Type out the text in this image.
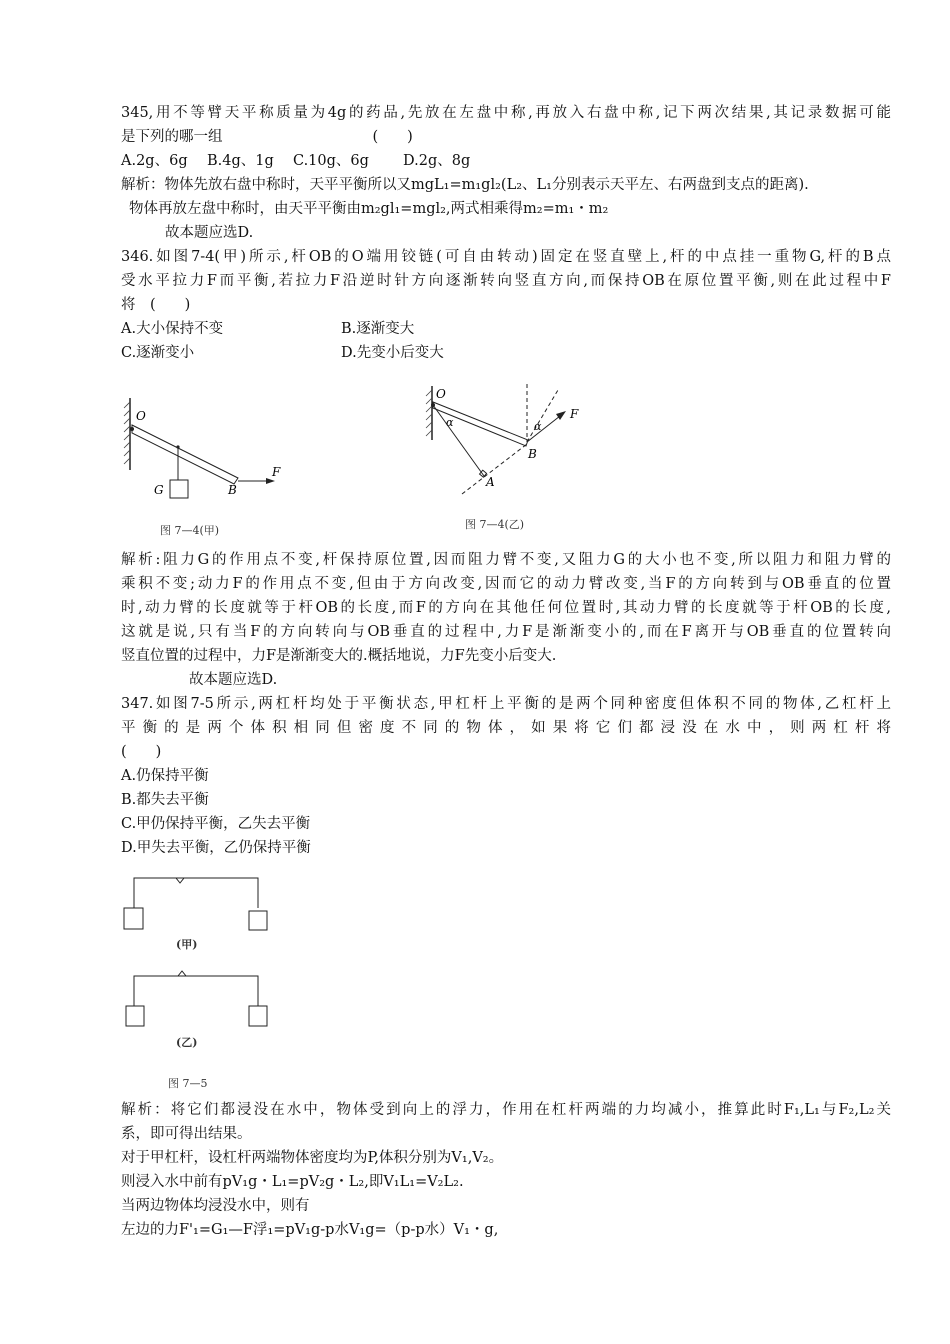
345,用不等臂天平称质量为4g的药品,先放在左盘中称,再放入右盘中称,记下两次结果,其记录数据可能
是下列的哪一组	(　　)
A.2g、6g B.4g、1g C.10g、6g D.2g、8g
解析：物体先放右盘中称时，天平平衡所以又mgL₁=m₁gl₂(L₂、L₁分别表示天平左、右两盘到支点的距离).
物体再放左盘中称时，由天平平衡由m₂gl₁=mgl₂,两式相乘得m₂=m₁・m₂
故本题应选D.
346.如图7-4(甲)所示,杆OB的O端用铰链(可自由转动)固定在竖直壁上,杆的中点挂一重物G,杆的B点
受水平拉力F而平衡,若拉力F沿逆时针方向逐渐转向竖直方向,而保持OB在原位置平衡,则在此过程中F
将　(　　)
A.大小保持不变	B.逐渐变大
C.逐渐变小	D.先变小后变大
O
G	B
F
图 7—4(甲)
O
α	α
F
B
A
图 7—4(乙)
解析:阻力G的作用点不变,杆保持原位置,因而阻力臂不变,又阻力G的大小也不变,所以阻力和阻力臂的
乘积不变;动力F的作用点不变,但由于方向改变,因而它的动力臂改变,当F的方向转到与OB垂直的位置
时,动力臂的长度就等于杆OB的长度,而F的方向在其他任何位置时,其动力臂的长度就等于杆OB的长度,
这就是说,只有当F的方向转向与OB垂直的过程中,力F是渐渐变小的,而在F离开与OB垂直的位置转向
竖直位置的过程中，力F是渐渐变大的.概括地说，力F先变小后变大.
故本题应选D.
347.如图7-5所示,两杠杆均处于平衡状态,甲杠杆上平衡的是两个同种密度但体积不同的物体,乙杠杆上
平衡的是两个体积相同但密度不同的物体，如果将它们都浸没在水中，则两杠杆将
(　　)
A.仍保持平衡
B.都失去平衡
C.甲仍保持平衡，乙失去平衡
D.甲失去平衡，乙仍保持平衡
(甲)
(乙)
图 7—5
解析：将它们都浸没在水中，物体受到向上的浮力，作用在杠杆两端的力均减小，推算此时F₁,L₁与F₂,L₂关
系，即可得出结果。
对于甲杠杆，设杠杆两端物体密度均为P,体积分别为V₁,V₂。
则浸入水中前有pV₁g・L₁=pV₂g・L₂,即V₁L₁=V₂L₂.
当两边物体均浸没水中，则有
左边的力F'₁=G₁—F浮₁=pV₁g-p水V₁g=（p-p水）V₁・g,
